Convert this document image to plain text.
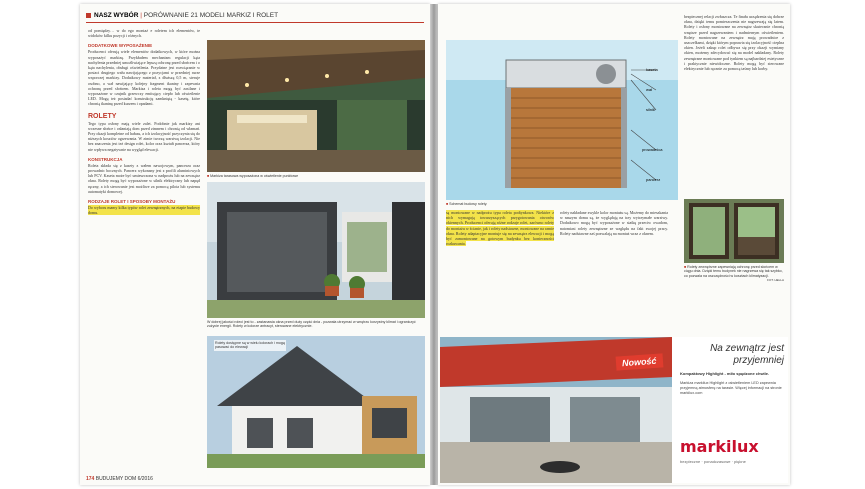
NASZ WYBÓR | PORÓWNANIE 21 MODELI MARKIZ I ROLET
od pomiędzy… w do ego montaż e roletem ich elementów, te widoków kilku pozycji i różnych.
DODATKOWE WYPOSAŻENIE
Producenci oferują wiele elementów dodatkowych, w które można wyposażyć markizę. Przykładem mechanizm regulacji kąta nachylenia przedniej umożliwiające lepszą ochronę przed słońcem i o kąta nachylenia, obsługi oświetlenia. Przydatne jest rozwiązanie w postaci drugiego wału nawijającego z pozycjami w przedniej rurze wsporczej markizy. Dodatkowy materiał, z dłuższą 0,5 m, steruje osobno, a wał nawijający kolejny fragment tkaniny i zapewnia ochronę przed słońcem. Markiza i roleta mogą być zasilane i wyposażone w czujnik grzewczy emitujący ciepło lub oświetlenie LED. Mogą też posiadać konstrukcję zamkniętą - kasetę, które chronią tkaninę przed kurzem i opadami.
ROLETY
Tego typu osłony mają wiele zalet. Podobnie jak markizy ani wczesne słońce i osłaniają dom przed zimnem i chronią od włamań. Przy okazji kompletne od hałasu, a ich izolacyjność przyczynia się do niższych kosztów ogrzewania. W zimie tworzą warstwę izolacji. Nie bez znaczenia jest też design rolet, kolor oraz kształt pancerza, który nie wpływa negatywnie na wygląd elewacji.
KONSTRUKCJA
Roleta składa się z kasety z wałem nawojowym, pancerza oraz prowadnic bocznych. Pancerz wykonany jest z profili aluminiowych lub PCV. Kaseta może być umieszczona w nadprożu lub na zewnątrz okna. Rolety mogą być wyposażone w silnik elektryczny lub napęd ręczny, a ich sterowanie jest możliwe za pomocą pilota lub systemu automatyki domowej.
RODZAJE ROLET I SPOSOBY MONTAŻU
Do wyboru mamy kilka typów rolet zewnętrznych, na etapie budowy domu.
■ Markiza tarasowa wyposażona w oświetlenie punktowe
W dobrej jakości roleci jest to - zastanawia okna przed duży część dnia - pozwala utrzymać w wnętrzu korzystny klimat i ograniczyć zużycie energii. Rolety w kolorze antracyt, sterowane elektrycznie.
Rolety dostępne są w wielu kolorach i mogą pasować do elewacji
174 BUDUJEMY DOM 6/2016
kaseta
wał
silnik
prowadnica
pancerz
■ Schemat budowy rolety.
są montowane w nadprożu typu roleta podtynkowa. Niektóre z nich wymagają towarzyszących przygotowania otworów okiennych. Producenci oferują różne rodzaje rolet, zarówno rolety do montażu w ścianie, jak i rolety nadstawne, montowane na ramie okna. Rolety adaptacyjne montuje się na zewnątrz elewacji i mogą być zamontowane na gotowym budynku bez konieczności rozkuwania.
rolety nakładane zwykle kolor montażu są. Możemy do mieszkania w naszym domu są, że wyglądają na trzy wytrzymałe warstwy. Dodatkowo mogą być wyposażone w siatkę przeciw owadom, natomiast rolety zewnętrzne ze względu na fakt swojej pracy. Rolety nadstawne zaś pozwalają na montaż wraz z oknem.
bezpiecznej relacji zwłaszcza. Te finału urządzenia się dobrze okna, dzięki temu pomieszczenia nie nagrzewają się latem. Rolety i osłony montowane na zewnątrz skutecznie chronią wnętrze przed nagrzewaniem i nadmiernym oświetleniem. Rolety montowane na zewnątrz mają prowadnice z uszczelkami, dzięki którym poprawia się izolacyjność cieplna okien. Jeżeli zakup rolet odbywa się przy okazji wymiany okien, możemy zdecydować się na model nakładany. Rolety zewnętrzne montowane pod tynkiem są najbardziej estetyczne i praktycznie niewidoczne. Rolety mogą być sterowane elektrycznie lub ręcznie za pomocą taśmy lub korby.
■ Rolety zewnętrzne zapewniają ochronę przed słońcem w ciągu dnia. Dzięki temu budynek nie nagrzewa się tak szybko, co pozwala na oszczędności w kosztach klimatyzacji.
FOT. HELLA
Nowość
Na zewnątrz jest przyjemniej
Kompaktowy Highlight - miło spędzone chwile.
Markiza markilux Highlight z oświetleniem LED zapewnia przyjemną atmosferę na tarasie. Więcej informacji na stronie markilux.com
markilux
bezpieczne · ponadczasowe · piękne
